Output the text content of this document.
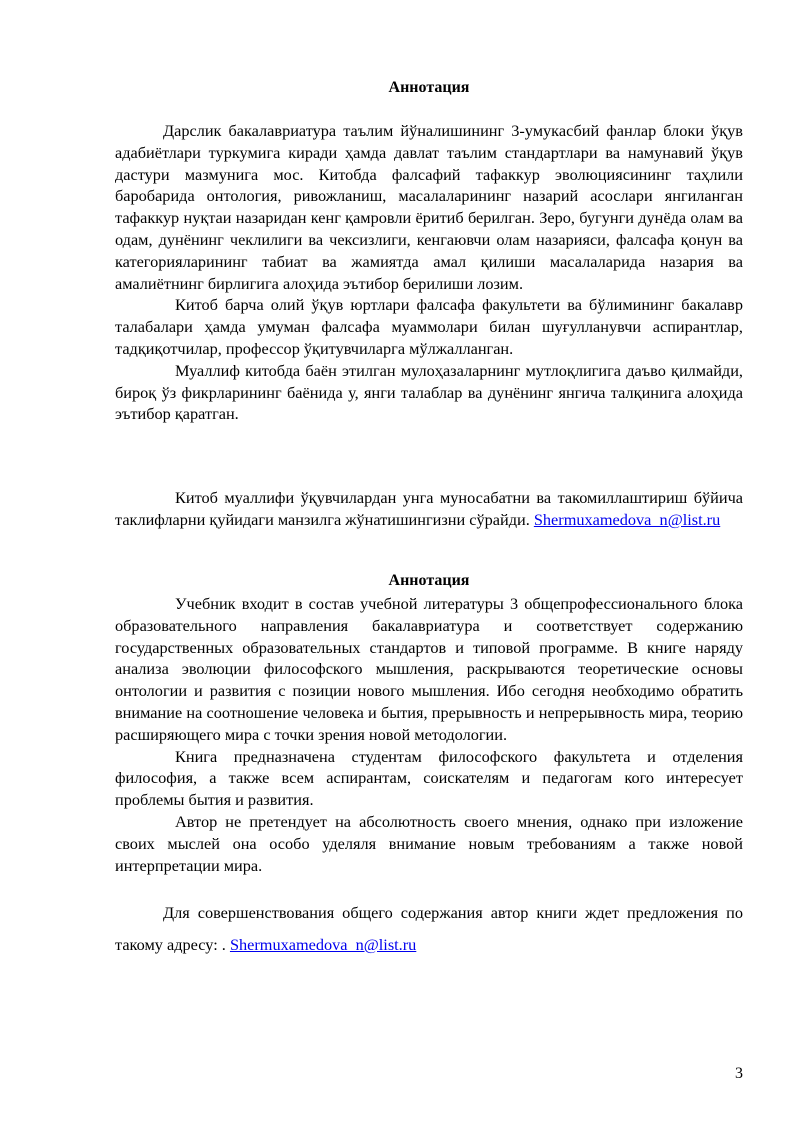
Аннотация

Дарслик бакалавриатура таълим йўналишининг 3-умукасбий фанлар блоки ўқув адабиётлари туркумига киради ҳамда давлат таълим стандартлари ва намунавий ўқув дастури мазмунига мос. Китобда фалсафий тафаккур эволюциясининг таҳлили баробарида онтология, ривожланиш, масалаларининг назарий асослари янгиланган тафаккур нуқтаи назаридан кенг қамровли ёритиб берилган. Зеро, бугунги дунёда олам ва одам, дунёнинг чеклилиги ва чексизлиги, кенгаювчи олам назарияси, фалсафа қонун ва категорияларининг табиат ва жамиятда амал қилиши масалаларида назария ва амалиётнинг бирлигига алоҳида эътибор берилиши лозим.

Китоб барча олий ўқув юртлари фалсафа факультети ва бўлимининг бакалавр талабалари ҳамда умуман фалсафа муаммолари билан шуғулланувчи аспирантлар, тадқиқотчилар, профессор ўқитувчиларга мўлжалланган.

Муаллиф китобда баён этилган мулоҳазаларнинг мутлоқлигига даъво қилмайди, бироқ ўз фикрларининг баёнида у, янги талаблар ва дунёнинг янгича талқинига алоҳида эътибор қаратган.

Китоб муаллифи ўқувчилардан унга муносабатни ва такомиллаштириш бўйича таклифларни қуйидаги манзилга жўнатишингизни сўрайди. Shermuxamedova_n@list.ru

Аннотация

Учебник входит в состав учебной литературы 3 общепрофессионального блока образовательного направления бакалавриатура и соответствует содержанию государственных образовательных стандартов и типовой программе. В книге наряду анализа эволюции философского мышления, раскрываются теоретические основы онтологии и развития с позиции нового мышления. Ибо сегодня необходимо обратить внимание на соотношение человека и бытия, прерывность и непрерывность мира, теорию расширяющего мира с точки зрения новой методологии.

Книга предназначена студентам философского факультета и отделения философия, а также всем аспирантам, соискателям и педагогам кого интересует проблемы бытия и развития.

Автор не претендует на абсолютность своего мнения, однако при изложение своих мыслей она особо уделяля внимание новым требованиям а также новой интерпретации мира.

Для совершенствования общего содержания автор книги ждет предложения по такому адресу: . Shermuxamedova_n@list.ru

3
